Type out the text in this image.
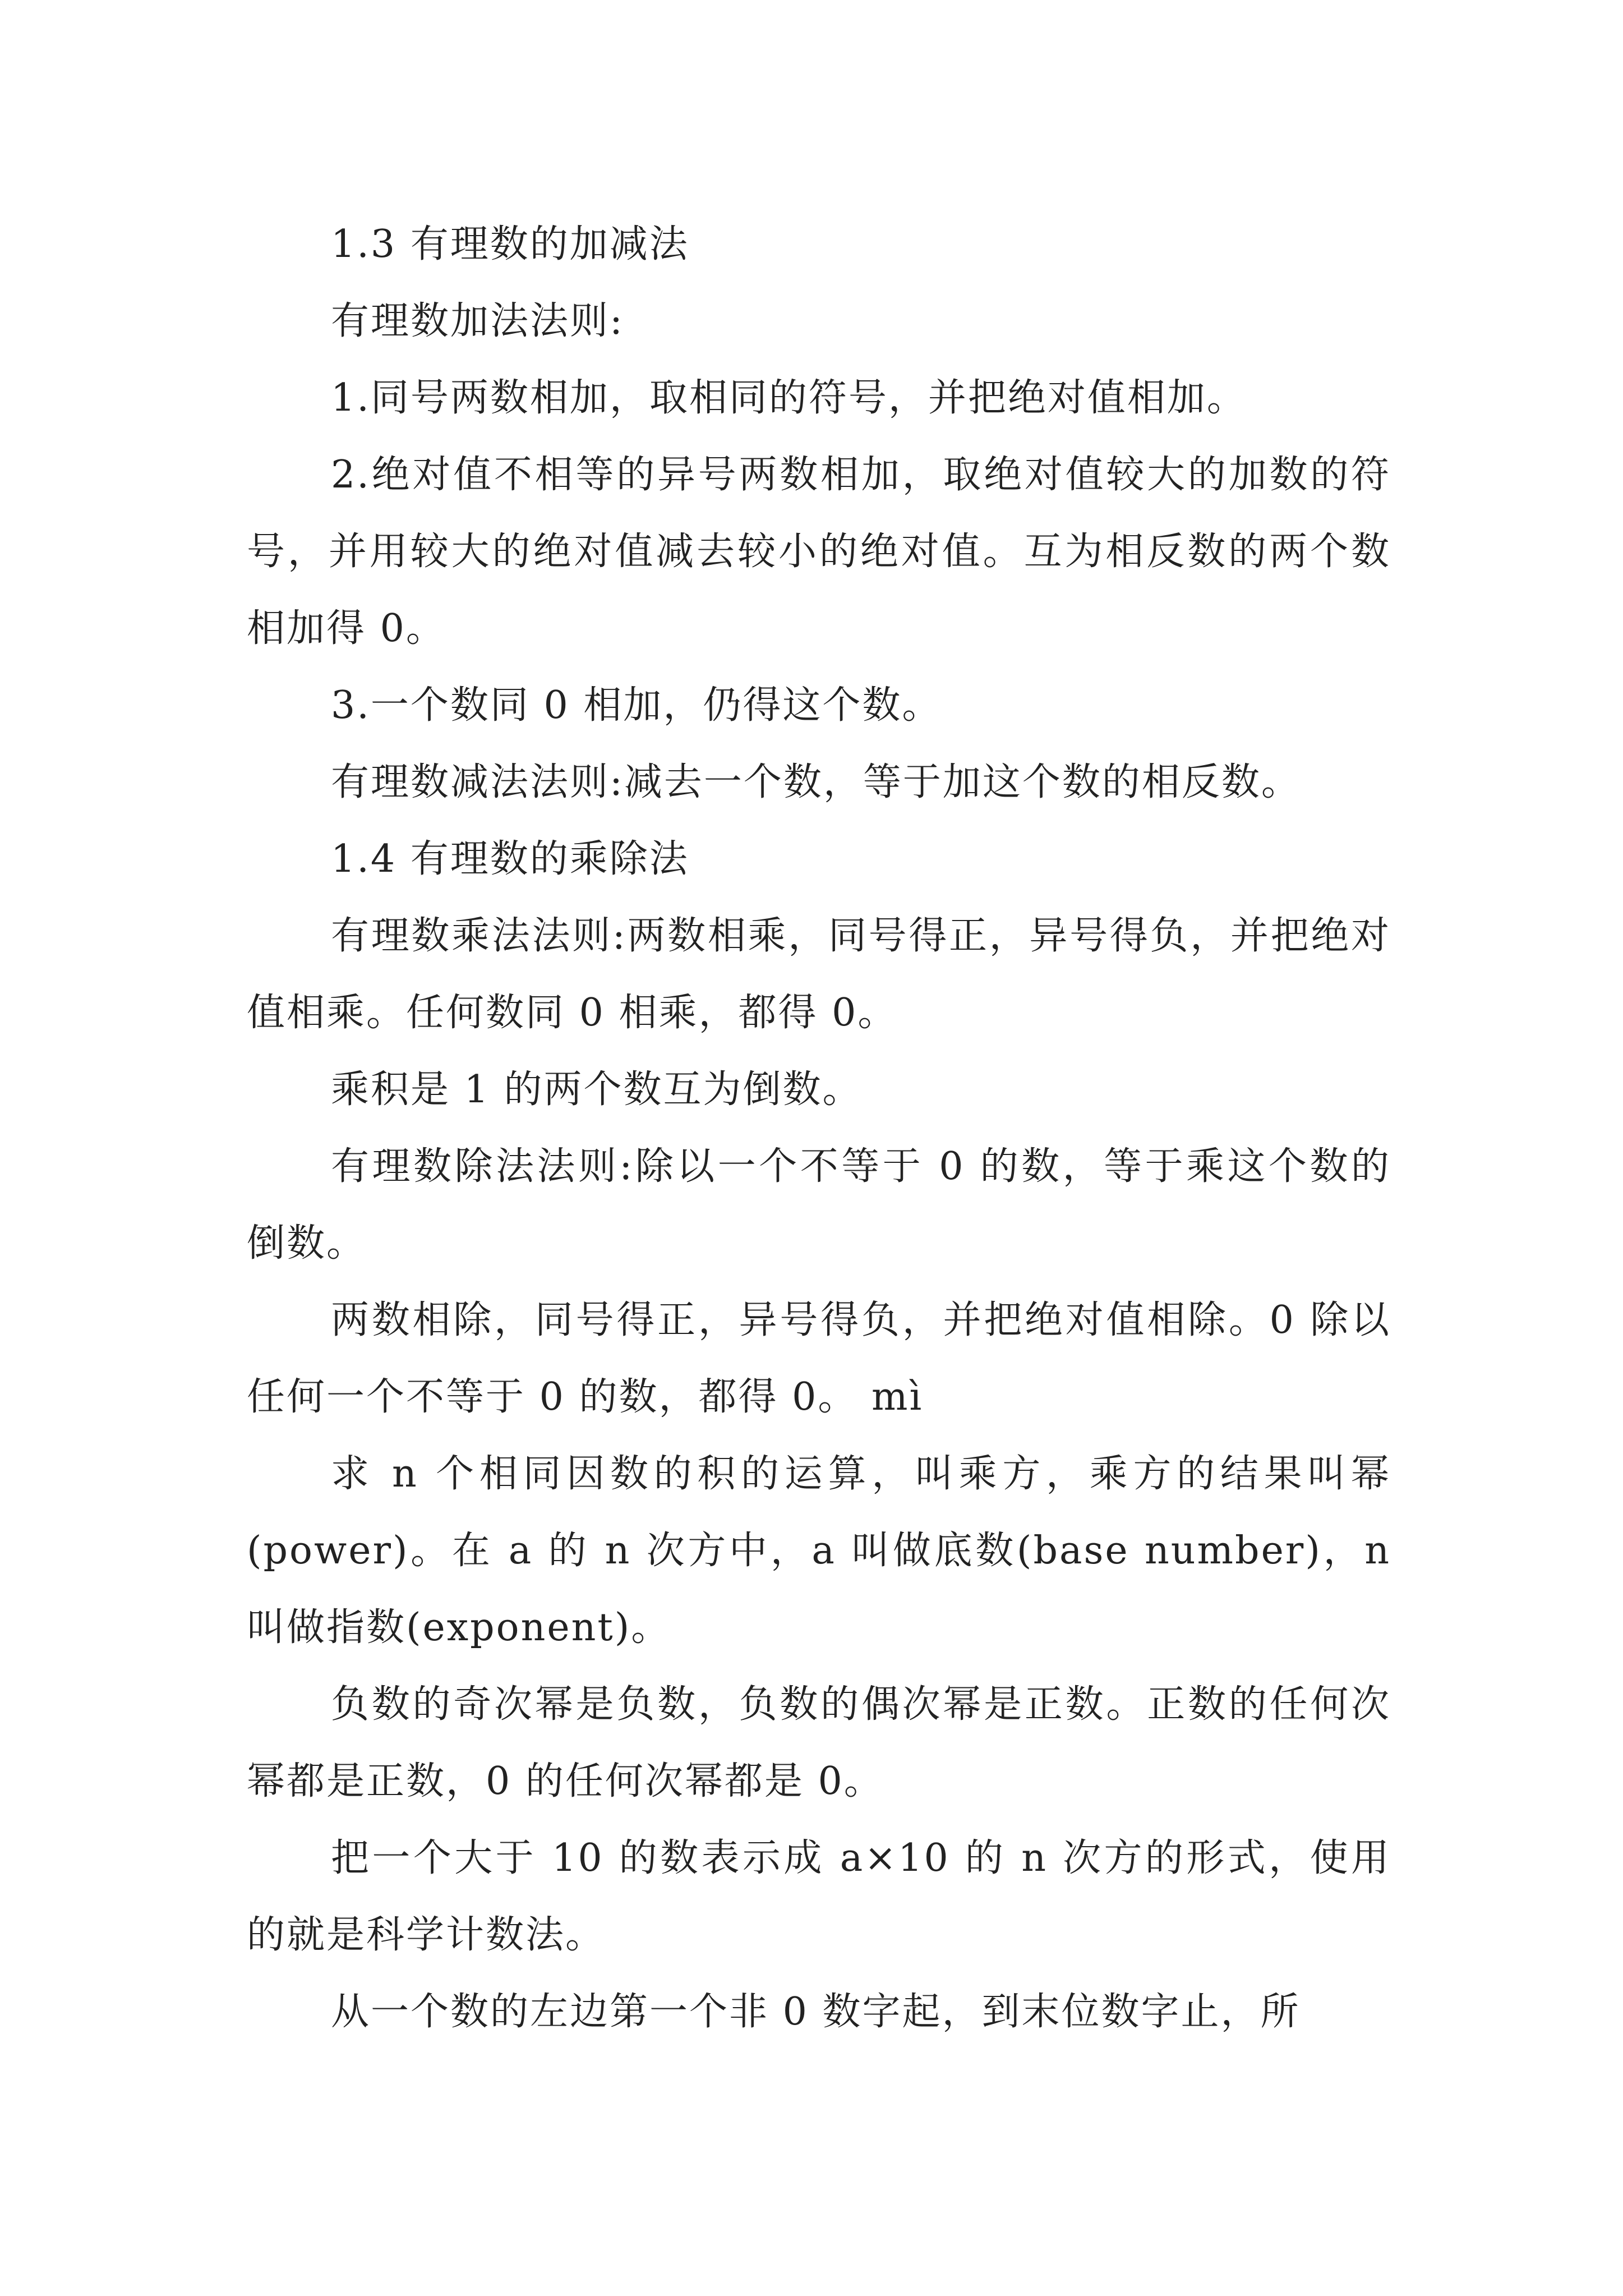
1.3 有理数的加减法

有理数加法法则:

1.同号两数相加，取相同的符号，并把绝对值相加。

2.绝对值不相等的异号两数相加，取绝对值较大的加数的符号，并用较大的绝对值减去较小的绝对值。互为相反数的两个数相加得 0。

3.一个数同 0 相加，仍得这个数。

有理数减法法则:减去一个数，等于加这个数的相反数。

1.4 有理数的乘除法

有理数乘法法则:两数相乘，同号得正，异号得负，并把绝对值相乘。任何数同 0 相乘，都得 0。

乘积是 1 的两个数互为倒数。

有理数除法法则:除以一个不等于 0 的数，等于乘这个数的倒数。

两数相除，同号得正，异号得负，并把绝对值相除。0 除以任何一个不等于 0 的数，都得 0。 mì

求 n 个相同因数的积的运算，叫乘方，乘方的结果叫幂(power)。在 a 的 n 次方中，a 叫做底数(base number)，n 叫做指数(exponent)。

负数的奇次幂是负数，负数的偶次幂是正数。正数的任何次幂都是正数，0 的任何次幂都是 0。

把一个大于 10 的数表示成 a×10 的 n 次方的形式，使用的就是科学计数法。

从一个数的左边第一个非 0 数字起，到末位数字止，所
